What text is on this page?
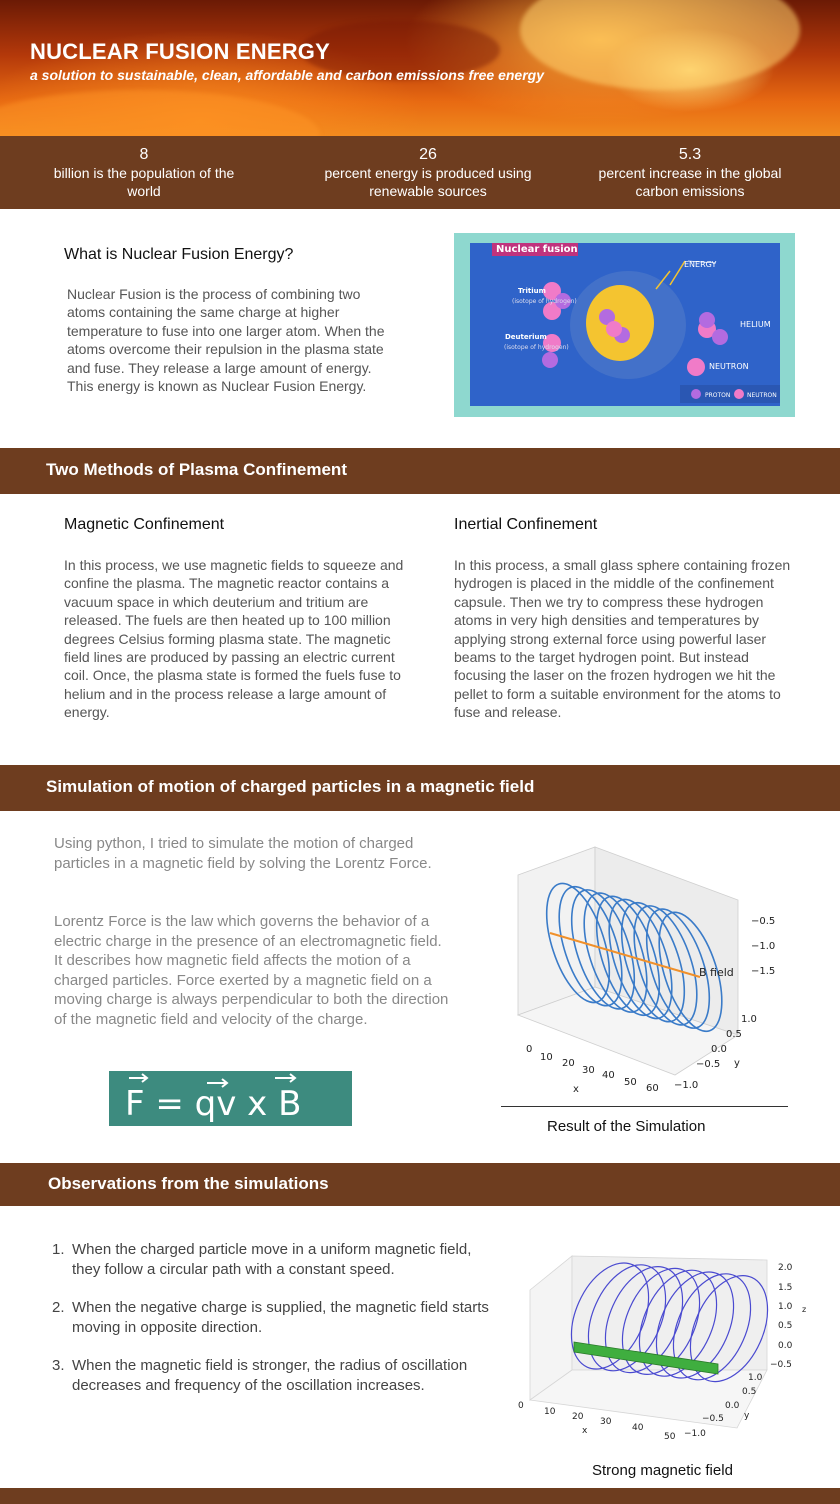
NUCLEAR FUSION ENERGY
a solution to sustainable, clean, affordable and carbon emissions free energy
8
billion is the population of the world
26
percent energy is produced using renewable sources
5.3
percent increase in the global carbon emissions
What is Nuclear Fusion Energy?
Nuclear Fusion is the process of combining two atoms containing the same charge at higher temperature to fuse into one larger atom. When the atoms overcome their repulsion in the plasma state and fuse. They release a large amount of energy. This energy is known as Nuclear Fusion Energy.
Nuclear fusion
ENERGY
Tritium
(isotope of hydrogen)
Deuterium
(isotope of hydrogen)
HELIUM
NEUTRON
PROTON	NEUTRON
Two Methods of Plasma Confinement
Magnetic Confinement
In this process, we use magnetic fields to squeeze and confine the plasma. The magnetic reactor contains a vacuum space in which deuterium and tritium are released. The fuels are then heated up to 100 million degrees Celsius forming plasma state. The magnetic field lines are produced by passing an electric current coil. Once, the plasma state is formed the fuels fuse to helium and in the process release a large amount of energy.
Inertial Confinement
In this process, a small glass sphere containing frozen hydrogen is placed in the middle of the confinement capsule. Then we try to compress these hydrogen atoms in very high densities and temperatures by applying strong external force using powerful laser beams to the target hydrogen point. But instead focusing the laser on the frozen hydrogen we hit the pellet to form a suitable environment for the atoms to fuse and release.
Simulation of motion of charged particles in a magnetic field
Using python, I tried to simulate the motion of charged particles in a magnetic field by solving the Lorentz Force.
Lorentz Force is the law which governs the behavior of a electric charge in the presence of an electromagnetic field. It describes how magnetic field affects the motion of a charged particles. Force exerted by a magnetic field on a moving charge is always perpendicular to both the direction of the magnetic field and velocity of the charge.
F = qv x B
B field
0
10
20
30 40
50
60
x
1.0
0.5
0.0
−0.5
−1.0
y
−0.5
−1.0
−1.5
Result of the Simulation
Observations from the simulations
1. When the charged particle move in a uniform magnetic field, they follow a circular path with a constant speed.
2. When the negative charge is supplied, the magnetic field starts moving in opposite direction.
3. When the magnetic field is stronger, the radius of oscillation decreases and frequency of the oscillation increases.
0
10 20 30
40
50
x
1.0
0.5
0.0
−0.5
−1.0
y
2.0
1.5
1.0
0.5
0.0
−0.5
z
Strong magnetic field
